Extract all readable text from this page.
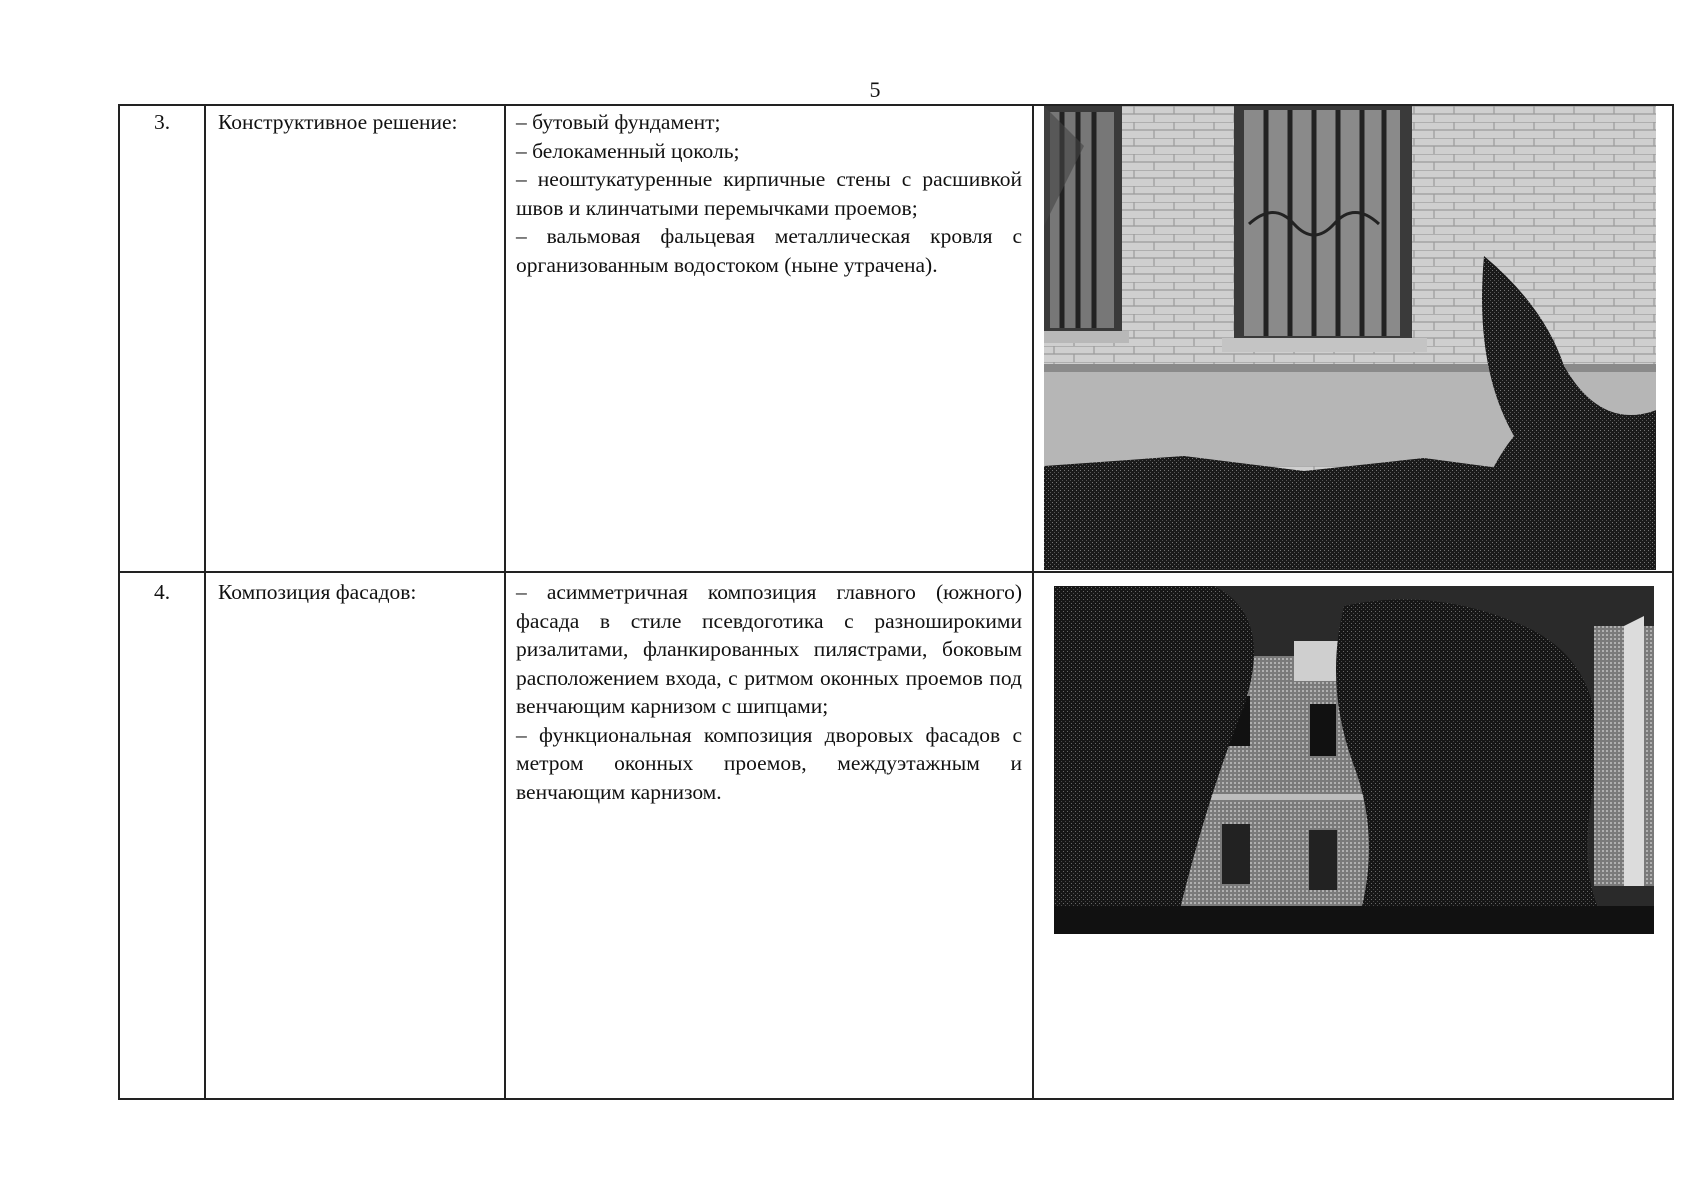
5
3.	Конструктивное решение:	– бутовый фундамент;
– белокаменный цоколь;
– неоштукатуренные кирпичные стены с расшивкой швов и клинчатыми перемычками проемов;
– вальмовая фальцевая металлическая кровля с организованным водостоком (ныне утрачена).
4.	Композиция фасадов:	– асимметричная композиция главного (южного) фасада в стиле псевдоготика с разноширокими ризалитами, фланкированных пилястрами, боковым расположением входа, с ритмом оконных проемов под венчающим карнизом с шипцами;
– функциональная композиция дворовых фасадов с метром оконных проемов, междуэтажным и венчающим карнизом.
